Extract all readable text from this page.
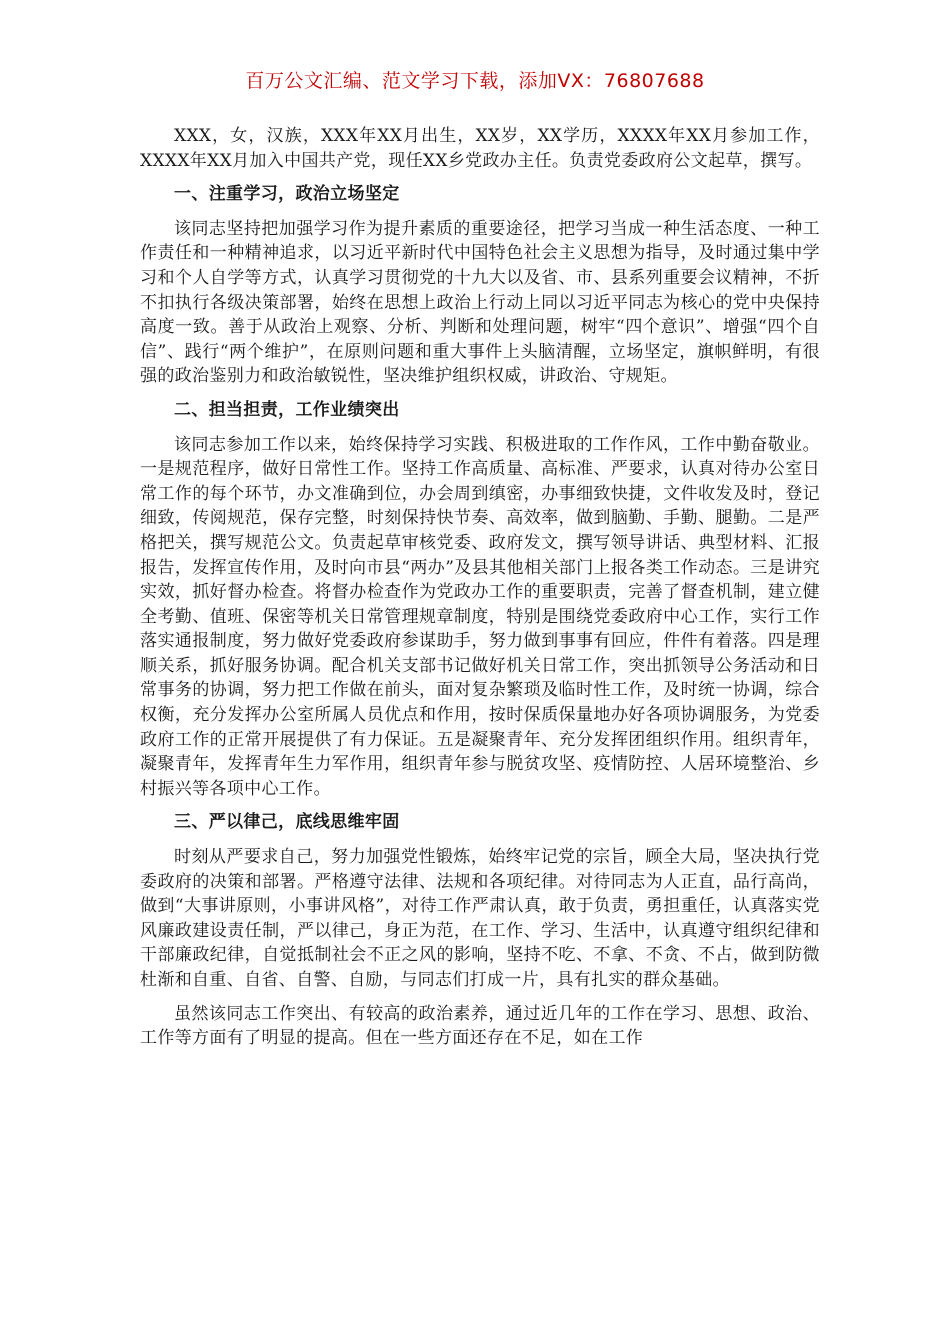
百万公文汇编、范文学习下载，添加VX：76807688

XXX，女，汉族，XXX年XX月出生，XX岁，XX学历，XXXX年XX月参加工作，XXXX年XX月加入中国共产党，现任XX乡党政办主任。负责党委政府公文起草，撰写。

一、注重学习，政治立场坚定

该同志坚持把加强学习作为提升素质的重要途径，把学习当成一种生活态度、一种工作责任和一种精神追求，以习近平新时代中国特色社会主义思想为指导，及时通过集中学习和个人自学等方式，认真学习贯彻党的十九大以及省、市、县系列重要会议精神，不折不扣执行各级决策部署，始终在思想上政治上行动上同以习近平同志为核心的党中央保持高度一致。善于从政治上观察、分析、判断和处理问题，树牢“四个意识”、增强“四个自信”、践行“两个维护”，在原则问题和重大事件上头脑清醒，立场坚定，旗帜鲜明，有很强的政治鉴别力和政治敏锐性，坚决维护组织权威，讲政治、守规矩。

二、担当担责，工作业绩突出

该同志参加工作以来，始终保持学习实践、积极进取的工作作风，工作中勤奋敬业。一是规范程序，做好日常性工作。坚持工作高质量、高标准、严要求，认真对待办公室日常工作的每个环节，办文准确到位，办会周到缜密，办事细致快捷，文件收发及时，登记细致，传阅规范，保存完整，时刻保持快节奏、高效率，做到脑勤、手勤、腿勤。二是严格把关，撰写规范公文。负责起草审核党委、政府发文，撰写领导讲话、典型材料、汇报报告，发挥宣传作用，及时向市县“两办”及县其他相关部门上报各类工作动态。三是讲究实效，抓好督办检查。将督办检查作为党政办工作的重要职责，完善了督查机制，建立健全考勤、值班、保密等机关日常管理规章制度，特别是围绕党委政府中心工作，实行工作落实通报制度，努力做好党委政府参谋助手，努力做到事事有回应，件件有着落。四是理顺关系，抓好服务协调。配合机关支部书记做好机关日常工作，突出抓领导公务活动和日常事务的协调，努力把工作做在前头，面对复杂繁琐及临时性工作，及时统一协调，综合权衡，充分发挥办公室所属人员优点和作用，按时保质保量地办好各项协调服务，为党委政府工作的正常开展提供了有力保证。五是凝聚青年、充分发挥团组织作用。组织青年，凝聚青年，发挥青年生力军作用，组织青年参与脱贫攻坚、疫情防控、人居环境整治、乡村振兴等各项中心工作。

三、严以律己，底线思维牢固

时刻从严要求自己，努力加强党性锻炼，始终牢记党的宗旨，顾全大局，坚决执行党委政府的决策和部署。严格遵守法律、法规和各项纪律。对待同志为人正直，品行高尚，做到“大事讲原则，小事讲风格”，对待工作严肃认真，敢于负责，勇担重任，认真落实党风廉政建设责任制，严以律己，身正为范，在工作、学习、生活中，认真遵守组织纪律和干部廉政纪律，自觉抵制社会不正之风的影响，坚持不吃、不拿、不贪、不占，做到防微杜渐和自重、自省、自警、自励，与同志们打成一片，具有扎实的群众基础。

虽然该同志工作突出、有较高的政治素养，通过近几年的工作在学习、思想、政治、工作等方面有了明显的提高。但在一些方面还存在不足，如在工作
